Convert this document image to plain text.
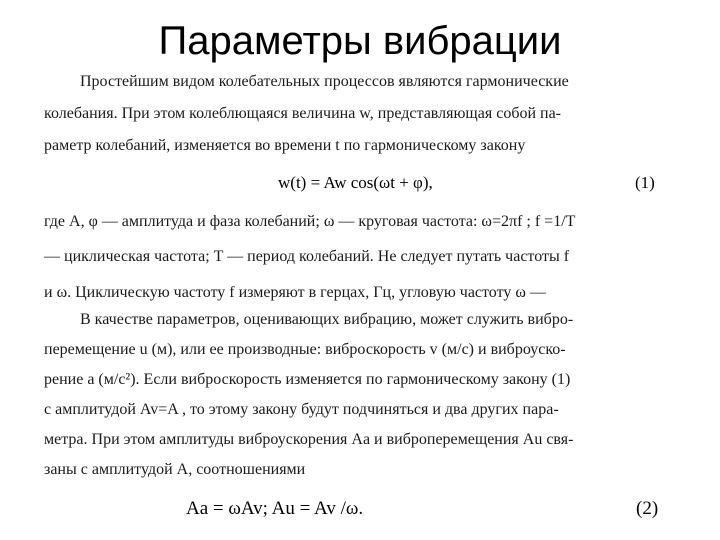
Параметры вибрации
Простейшим видом колебательных процессов являются гармонические
колебания. При этом колеблющаяся величина w, представляющая собой па-
раметр колебаний, изменяется во времени t по гармоническому закону
w(t) = Aw cos(ωt + φ),	(1)
где A, φ — амплитуда и фаза колебаний; ω — круговая частота: ω=2πf ; f =1/T
— циклическая частота; T — период колебаний. Не следует путать частоты f
и ω. Циклическую частоту f измеряют в герцах, Гц, угловую частоту ω —
В качестве параметров, оценивающих вибрацию, может служить вибро-
перемещение u (м), или ее производные: виброскорость v (м/с) и виброуско-
рение a (м/с²). Если виброскорость изменяется по гармоническому закону (1)
с амплитудой Av=A , то этому закону будут подчиняться и два других пара-
метра. При этом амплитуды виброускорения Aa и виброперемещения Au свя-
заны с амплитудой A, соотношениями
Aa = ωAv; Au = Av /ω.	(2)
